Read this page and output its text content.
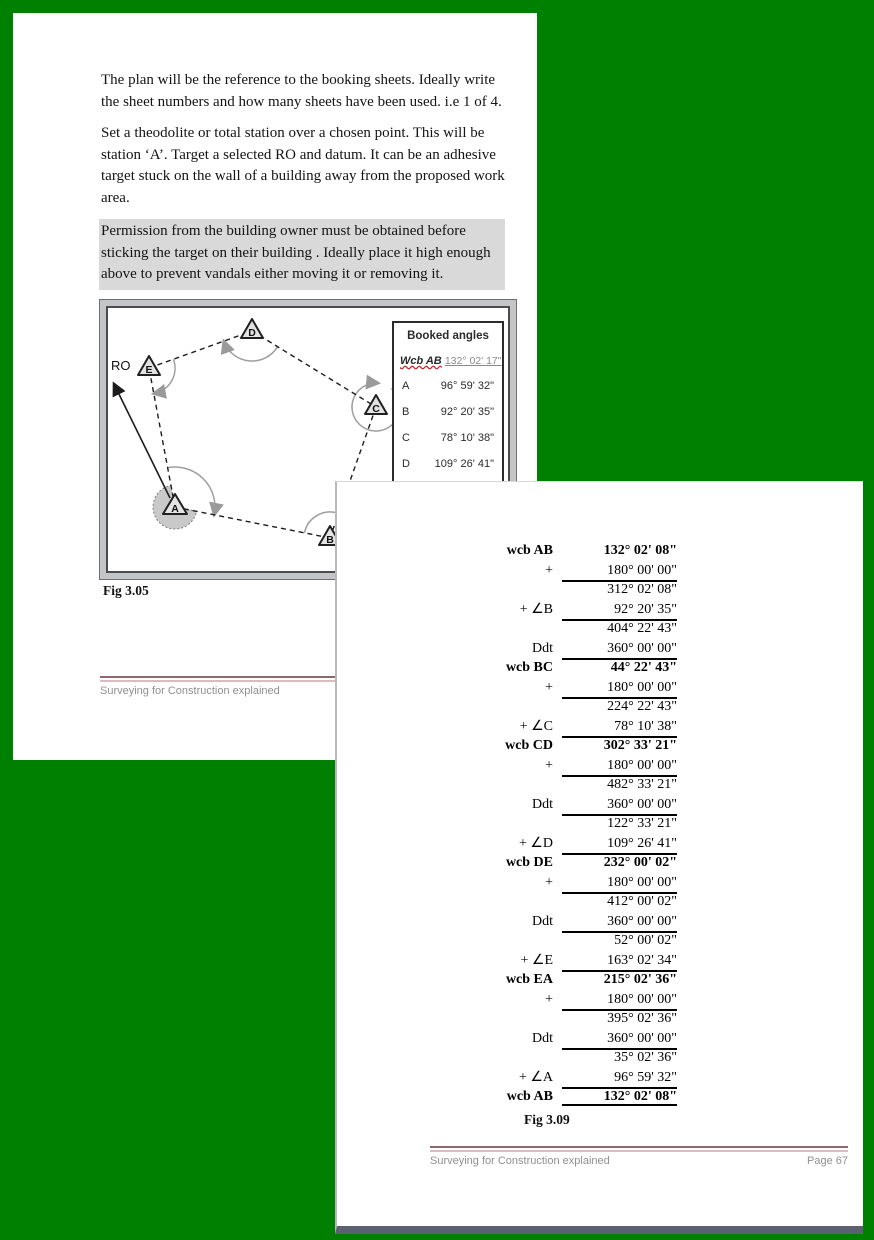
The plan will be the reference to the booking sheets. Ideally write
the sheet numbers and how many sheets have been used. i.e 1 of 4.
Set a theodolite or total station over a chosen point. This will be
station ‘A’. Target a selected RO and datum. It can be an adhesive
target stuck on the wall of a building away from the proposed work
area.
Permission from the building owner must be obtained before
sticking the target on their building . Ideally place it high enough
above to prevent vandals either moving it or removing it.
RO
D
E
C
A
B
Booked angles
Wcb AB 132° 02' 17"
A	96° 59' 32"
B	92° 20' 35"
C	78° 10' 38"
D 109° 26' 41"
Fig 3.05
Surveying for Construction explained
wcb AB	132° 02' 08"
+	180° 00' 00"
312° 02' 08"
+ ∠B	92° 20' 35"
404° 22' 43"
Ddt	360° 00' 00"
wcb BC	44° 22' 43"
+	180° 00' 00"
224° 22' 43"
+ ∠C	78° 10' 38"
wcb CD	302° 33' 21"
+	180° 00' 00"
482° 33' 21"
Ddt	360° 00' 00"
122° 33' 21"
+ ∠D	109° 26' 41"
wcb DE	232° 00' 02"
+	180° 00' 00"
412° 00' 02"
Ddt	360° 00' 00"
52° 00' 02"
+ ∠E	163° 02' 34"
wcb EA	215° 02' 36"
+	180° 00' 00"
395° 02' 36"
Ddt	360° 00' 00"
35° 02' 36"
+ ∠A	96° 59' 32"
wcb AB	132° 02' 08"
Fig 3.09
Surveying for Construction explained	Page 67
